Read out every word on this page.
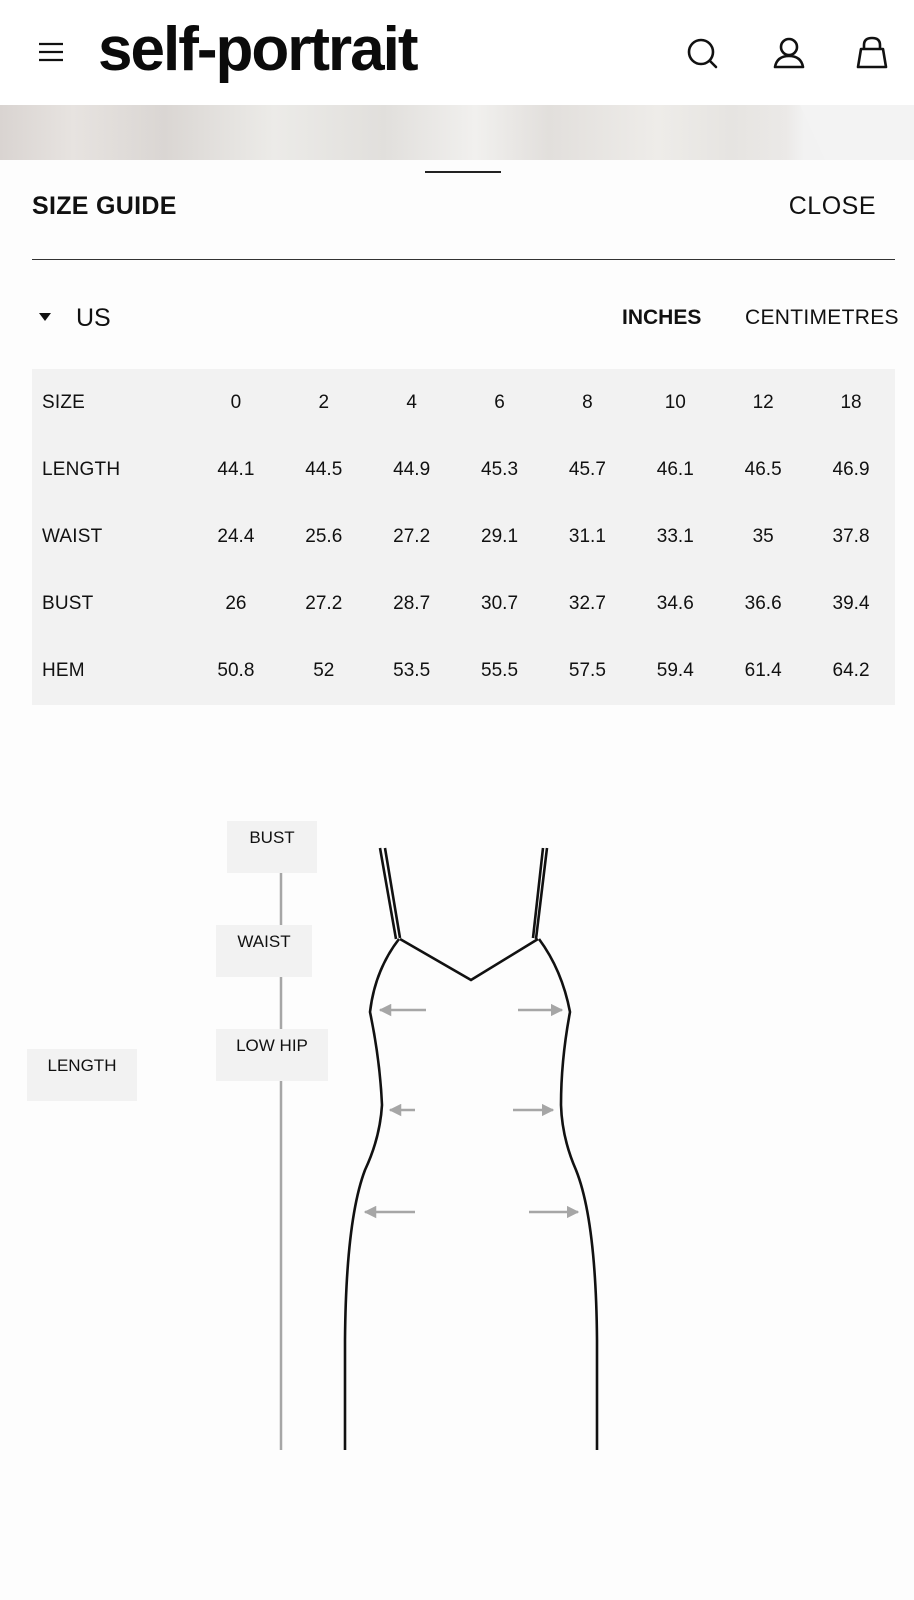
self-portrait
SIZE GUIDE	CLOSE
US	INCHES CENTIMETRES
SIZE	0	2	4	6	8	10	12	18
LENGTH	44.1	44.5	44.9	45.3	45.7	46.1	46.5	46.9
WAIST	24.4	25.6	27.2	29.1	31.1	33.1	35	37.8
BUST	26	27.2	28.7	30.7	32.7	34.6	36.6	39.4
HEM	50.8	52	53.5	55.5	57.5	59.4	61.4	64.2
BUST
WAIST
LOW HIP
LENGTH
